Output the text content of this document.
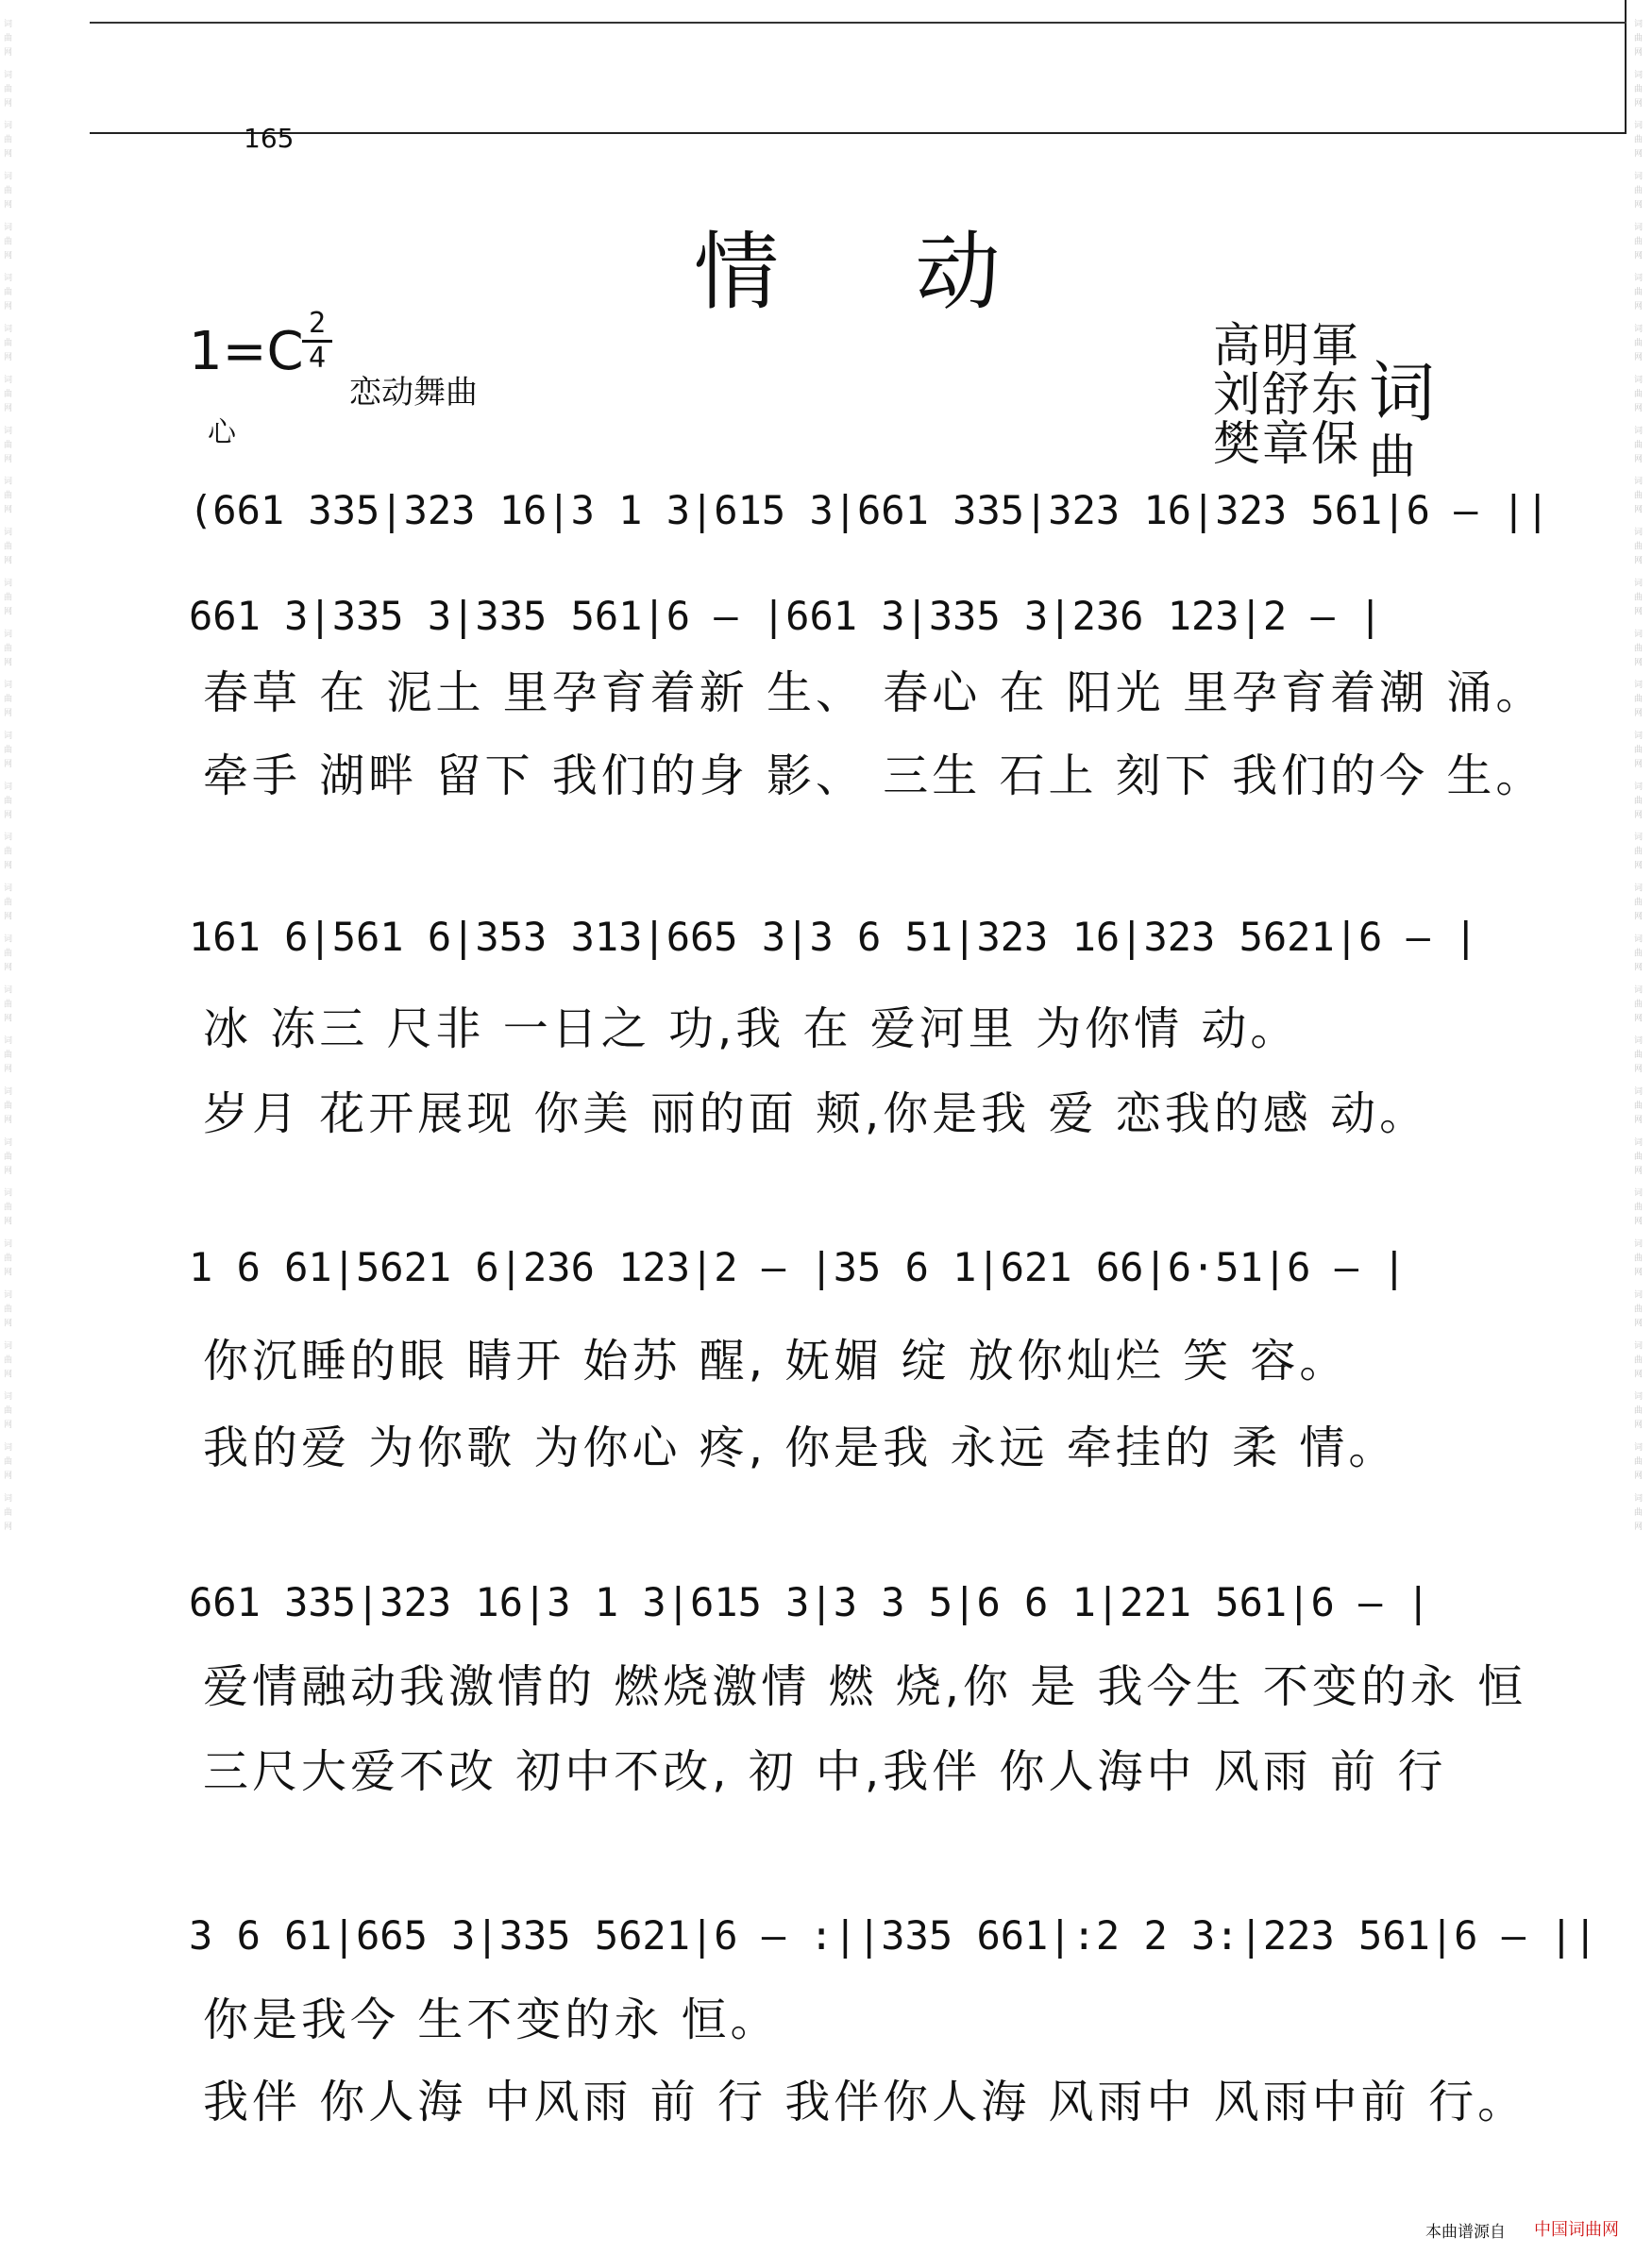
词曲网 词曲网 词曲网 词曲网 词曲网 词曲网 词曲网 词曲网 词曲网 词曲网 词曲网 词曲网 词曲网 词曲网 词曲网 词曲网 词曲网 词曲网 词曲网 词曲网 词曲网 词曲网 词曲网 词曲网 词曲网 词曲网 词曲网 词曲网 词曲网 词曲网
词曲网 词曲网 词曲网 词曲网 词曲网 词曲网 词曲网 词曲网 词曲网 词曲网 词曲网 词曲网 词曲网 词曲网 词曲网 词曲网 词曲网 词曲网 词曲网 词曲网 词曲网 词曲网 词曲网 词曲网 词曲网 词曲网 词曲网 词曲网 词曲网 词曲网	165
情 动
1=C 2
4
恋动舞曲
心
高明軍
刘舒东
樊章保
词
曲
(661 335|323 16|3 1 3|615 3|661 335|323 16|323 561|6 — ||
661 3|335 3|335 561|6 — |661 3|335 3|236 123|2 — |
春草 在 泥土 里孕育着新 生、 春心 在 阳光 里孕育着潮 涌。
牵手 湖畔 留下 我们的身 影、 三生 石上 刻下 我们的今 生。
161 6|561 6|353 313|665 3|3 6 51|323 16|323 5621|6 — |
冰 冻三 尺非 一日之 功,我 在 爱河里 为你情 动。
岁月 花开展现 你美 丽的面 颊,你是我 爱 恋我的感 动。
1 6 61|5621 6|236 123|2 — |35 6 1|621 66|6·51|6 — |
你沉睡的眼 睛开 始苏 醒, 妩媚 绽 放你灿烂 笑 容。
我的爱 为你歌 为你心 疼, 你是我 永远 牵挂的 柔 情。
661 335|323 16|3 1 3|615 3|3 3 5|6 6 1|221 561|6 — |
爱情融动我激情的 燃烧激情 燃 烧,你 是 我今生 不变的永 恒
三尺大爱不改 初中不改, 初 中,我伴 你人海中 风雨 前 行
3 6 61|665 3|335 5621|6 — :||335 661|:2 2 3:|223 561|6 — ||
你是我今 生不变的永 恒。
我伴 你人海 中风雨 前 行 我伴你人海 风雨中 风雨中前 行。
本曲谱源自 中国词曲网
